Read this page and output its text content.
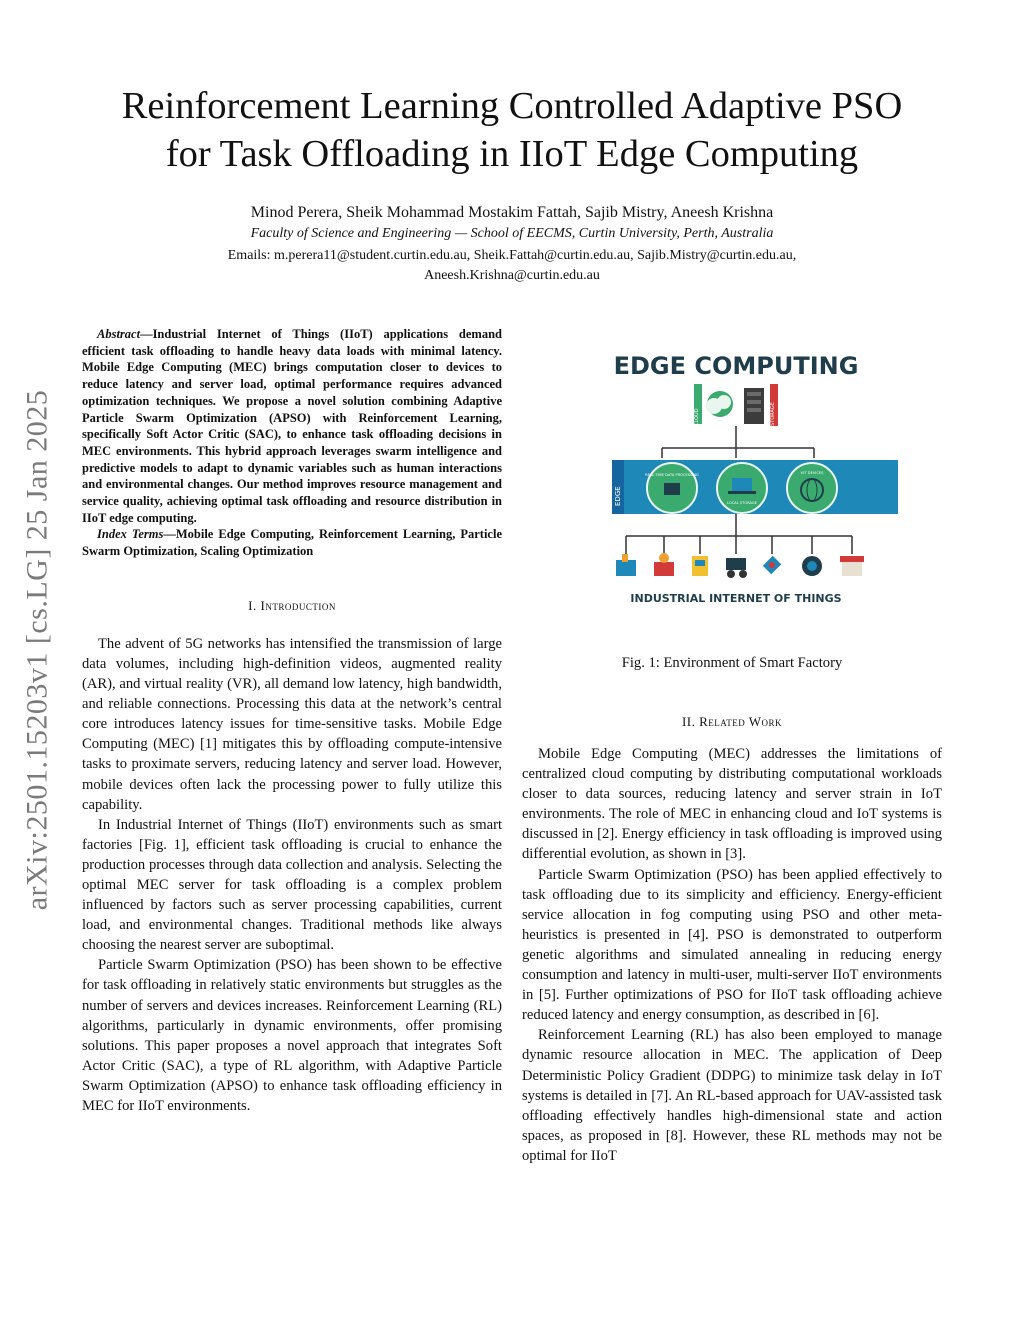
arXiv:2501.15203v1 [cs.LG] 25 Jan 2025
Reinforcement Learning Controlled Adaptive PSO
for Task Offloading in IIoT Edge Computing
Minod Perera, Sheik Mohammad Mostakim Fattah, Sajib Mistry, Aneesh Krishna
Faculty of Science and Engineering — School of EECMS, Curtin University, Perth, Australia
Emails: m.perera11@student.curtin.edu.au, Sheik.Fattah@curtin.edu.au, Sajib.Mistry@curtin.edu.au,
Aneesh.Krishna@curtin.edu.au

Abstract—Industrial Internet of Things (IIoT) applications demand efficient task offloading to handle heavy data loads with minimal latency. Mobile Edge Computing (MEC) brings computation closer to devices to reduce latency and server load, optimal performance requires advanced optimization techniques. We propose a novel solution combining Adaptive Particle Swarm Optimization (APSO) with Reinforcement Learning, specifically Soft Actor Critic (SAC), to enhance task offloading decisions in MEC environments. This hybrid approach leverages swarm intelligence and predictive models to adapt to dynamic variables such as human interactions and environmental changes. Our method improves resource management and service quality, achieving optimal task offloading and resource distribution in IIoT edge computing.

Index Terms—Mobile Edge Computing, Reinforcement Learning, Particle Swarm Optimization, Scaling Optimization

I. Introduction

The advent of 5G networks has intensified the transmission of large data volumes, including high-definition videos, augmented reality (AR), and virtual reality (VR), all demand low latency, high bandwidth, and reliable connections. Processing this data at the network’s central core introduces latency issues for time-sensitive tasks. Mobile Edge Computing (MEC) [1] mitigates this by offloading compute-intensive tasks to proximate servers, reducing latency and server load. However, mobile devices often lack the processing power to fully utilize this capability.

In Industrial Internet of Things (IIoT) environments such as smart factories [Fig. 1], efficient task offloading is crucial to enhance the production processes through data collection and analysis. Selecting the optimal MEC server for task offloading is a complex problem influenced by factors such as server processing capabilities, current load, and environmental changes. Traditional methods like always choosing the nearest server are suboptimal.

Particle Swarm Optimization (PSO) has been shown to be effective for task offloading in relatively static environments but struggles as the number of servers and devices increases. Reinforcement Learning (RL) algorithms, particularly in dynamic environments, offer promising solutions. This paper proposes a novel approach that integrates Soft Actor Critic (SAC), a type of RL algorithm, with Adaptive Particle Swarm Optimization (APSO) to enhance task offloading efficiency in MEC for IIoT environments.

EDGE COMPUTING
CLOUD	STORAGE
EDGE
REAL-TIME DATA PROCESSING
LOCAL STORAGE
IOT DEVICES
INDUSTRIAL INTERNET OF THINGS

Fig. 1: Environment of Smart Factory

II. Related Work

Mobile Edge Computing (MEC) addresses the limitations of centralized cloud computing by distributing computational workloads closer to data sources, reducing latency and server strain in IoT environments. The role of MEC in enhancing cloud and IoT systems is discussed in [2]. Energy efficiency in task offloading is improved using differential evolution, as shown in [3].

Particle Swarm Optimization (PSO) has been applied effectively to task offloading due to its simplicity and efficiency. Energy-efficient service allocation in fog computing using PSO and other meta-heuristics is presented in [4]. PSO is demonstrated to outperform genetic algorithms and simulated annealing in reducing energy consumption and latency in multi-user, multi-server IIoT environments in [5]. Further optimizations of PSO for IIoT task offloading achieve reduced latency and energy consumption, as described in [6].

Reinforcement Learning (RL) has also been employed to manage dynamic resource allocation in MEC. The application of Deep Deterministic Policy Gradient (DDPG) to minimize task delay in IoT systems is detailed in [7]. An RL-based approach for UAV-assisted task offloading effectively handles high-dimensional state and action spaces, as proposed in [8]. However, these RL methods may not be optimal for IIoT
